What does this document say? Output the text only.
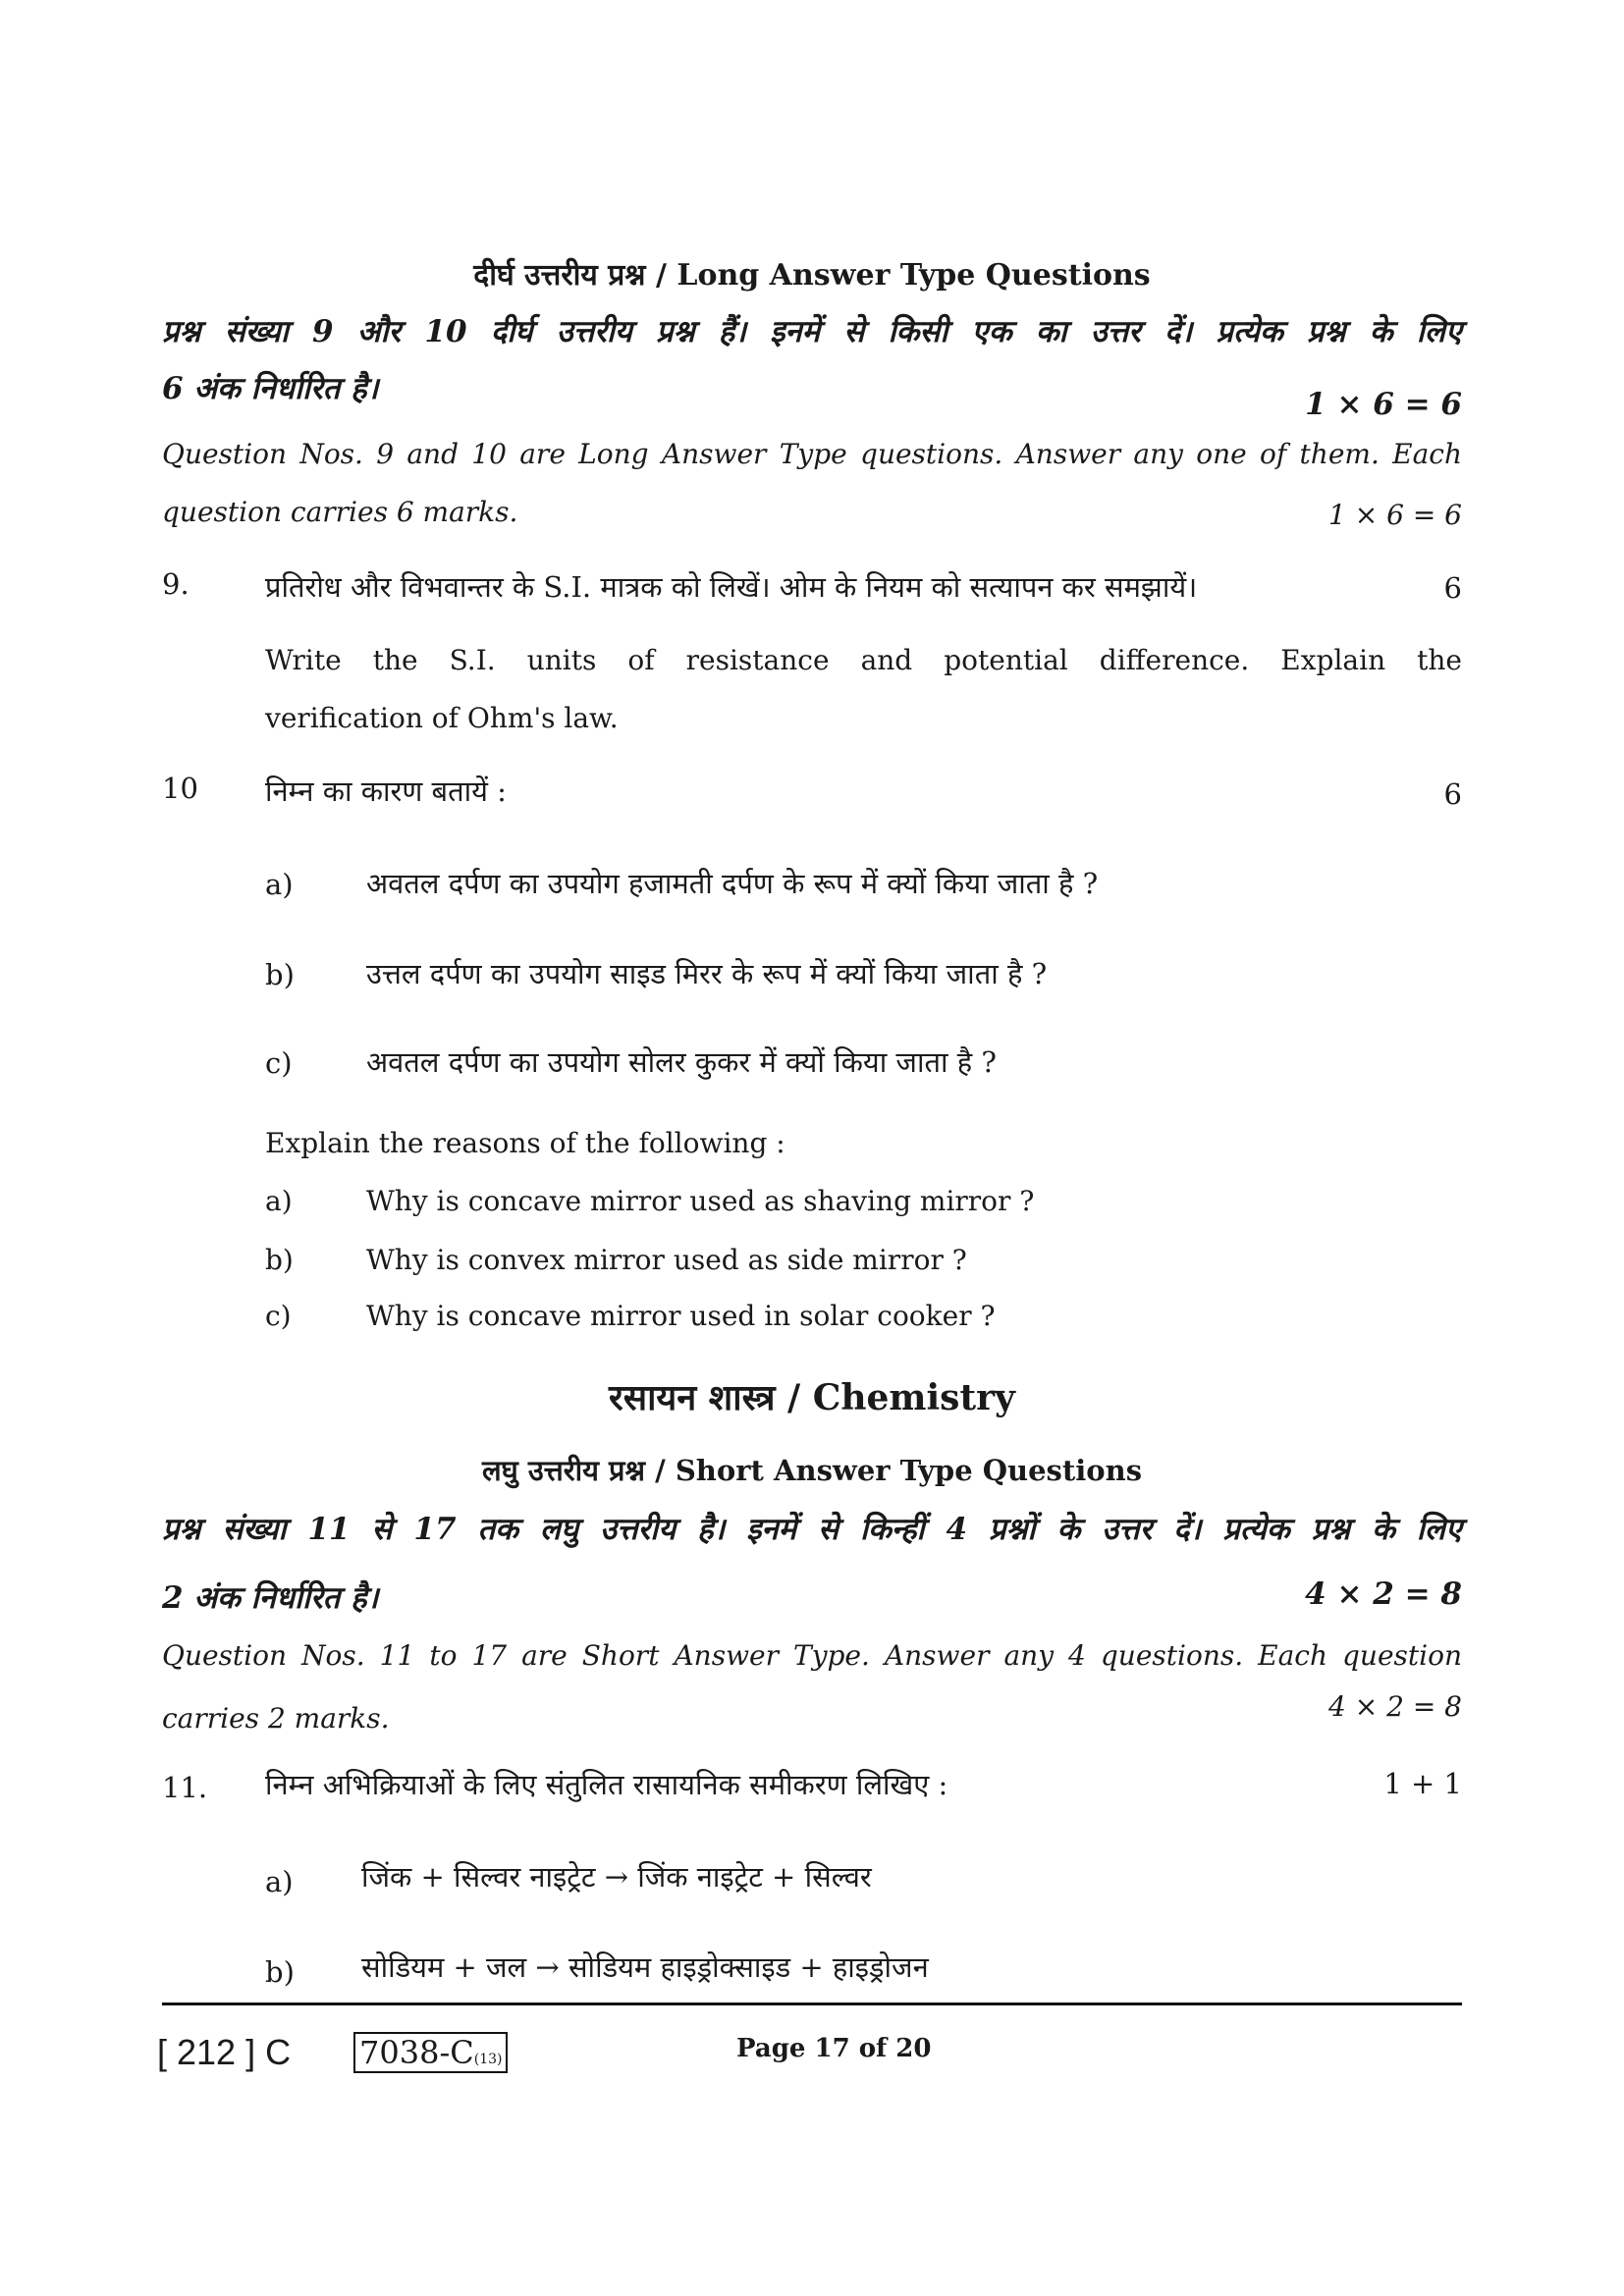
दीर्घ उत्तरीय प्रश्न / Long Answer Type Questions
प्रश्न संख्या 9 और 10 दीर्घ उत्तरीय प्रश्न हैं। इनमें से किसी एक का उत्तर दें। प्रत्येक प्रश्न के लिए
6 अंक निर्धारित है।	1 × 6 = 6
Question Nos. 9 and 10 are Long Answer Type questions. Answer any one of them. Each
question carries 6 marks.	1 × 6 = 6
9.	प्रतिरोध और विभवान्तर के S.I. मात्रक को लिखें। ओम के नियम को सत्यापन कर समझायें।	6
Write the S.I. units of resistance and potential difference. Explain the
verification of Ohm's law.
10 निम्न का कारण बतायें :	6
a)	अवतल दर्पण का उपयोग हजामती दर्पण के रूप में क्यों किया जाता है ?
b)	उत्तल दर्पण का उपयोग साइड मिरर के रूप में क्यों किया जाता है ?
c)	अवतल दर्पण का उपयोग सोलर कुकर में क्यों किया जाता है ?
Explain the reasons of the following :
a)	Why is concave mirror used as shaving mirror ?
b)	Why is convex mirror used as side mirror ?
c)	Why is concave mirror used in solar cooker ?
रसायन शास्त्र / Chemistry
लघु उत्तरीय प्रश्न / Short Answer Type Questions
प्रश्न संख्या 11 से 17 तक लघु उत्तरीय है। इनमें से किन्हीं 4 प्रश्नों के उत्तर दें। प्रत्येक प्रश्न के लिए
2 अंक निर्धारित है।	4 × 2 = 8
Question Nos. 11 to 17 are Short Answer Type. Answer any 4 questions. Each question
carries 2 marks.	4 × 2 = 8
11. निम्न अभिक्रियाओं के लिए संतुलित रासायनिक समीकरण लिखिए :	1 + 1
a) जिंक + सिल्वर नाइट्रेट → जिंक नाइट्रेट + सिल्वर
b) सोडियम + जल → सोडियम हाइड्रोक्साइड + हाइड्रोजन
[ 212 ] C 7038-C(13)	Page 17 of 20
